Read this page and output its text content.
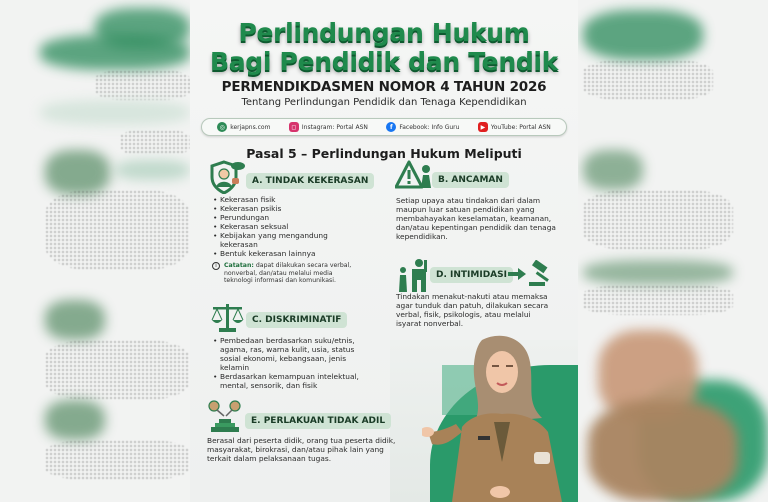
Perlindungan Hukum
Bagi Pendidik dan Tendik
PERMENDIKDASMEN NOMOR 4 TAHUN 2026
Tentang Perlindungan Pendidik dan Tenaga Kependidikan
◎ kerjapns.com	◻ Instagram: Portal ASN	f	Facebook: Info Guru	▶ YouTube: Portal ASN
Pasal 5 – Perlindungan Hukum Meliputi
A. TINDAK KEKERASAN
• Kekerasan fisik
• Kekerasan psikis
• Perundungan
• Kekerasan seksual
• Kebijakan yang mengandung kekerasan
• Bentuk kekerasan lainnya
i	Catatan: dapat dilakukan secara verbal, nonverbal, dan/atau melalui media teknologi informasi dan komunikasi.
B. ANCAMAN
Setiap upaya atau tindakan dari dalam maupun luar satuan pendidikan yang membahayakan keselamatan, keamanan, dan/atau kepentingan pendidik dan tenaga kependidikan.
D. INTIMIDASI
Tindakan menakut-nakuti atau memaksa agar tunduk dan patuh, dilakukan secara verbal, fisik, psikologis, atau melalui isyarat nonverbal.
C. DISKRIMINATIF
• Pembedaan berdasarkan suku/etnis, agama, ras, warna kulit, usia, status sosial ekonomi, kebangsaan, jenis kelamin
• Berdasarkan kemampuan intelektual, mental, sensorik, dan fisik
E. PERLAKUAN TIDAK ADIL
Berasal dari peserta didik, orang tua peserta didik, masyarakat, birokrasi, dan/atau pihak lain yang terkait dalam pelaksanaan tugas.
